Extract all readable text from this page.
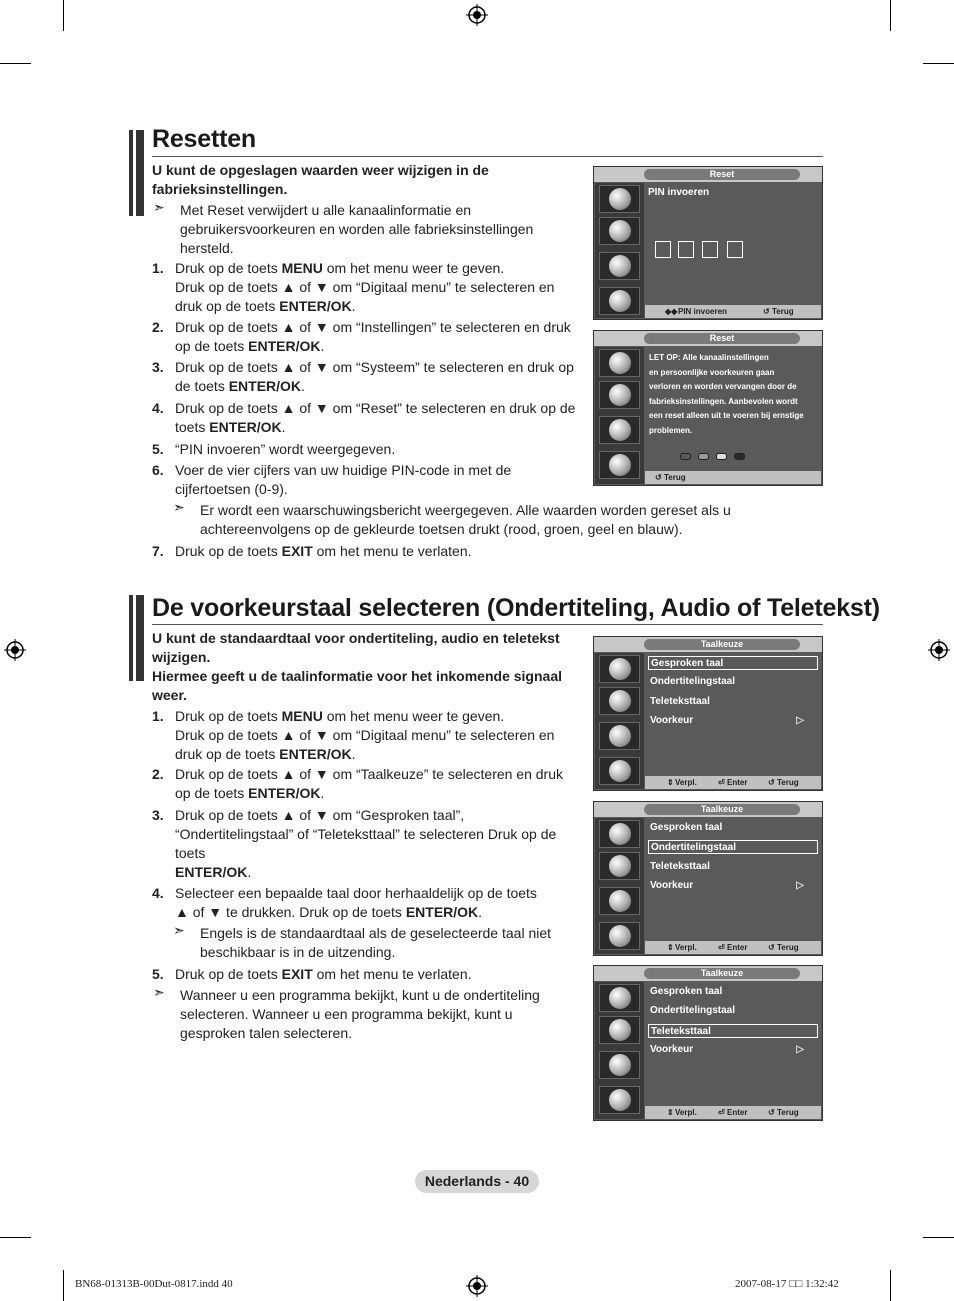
Resetten
U kunt de opgeslagen waarden weer wijzigen in de fabrieksinstellingen.
➣ Met Reset verwijdert u alle kanaalinformatie en gebruikersvoorkeuren en worden alle fabrieksinstellingen hersteld.
1. Druk op de toets MENU om het menu weer te geven.
Druk op de toets ▲ of ▼ om “Digitaal menu” te selecteren en
druk op de toets ENTER/OK.
2. Druk op de toets ▲ of ▼ om “Instellingen” te selecteren en druk
op de toets ENTER/OK.
3. Druk op de toets ▲ of ▼ om “Systeem” te selecteren en druk op
de toets ENTER/OK.
4. Druk op de toets ▲ of ▼ om “Reset” te selecteren en druk op de
toets ENTER/OK.
5. “PIN invoeren” wordt weergegeven.
6. Voer de vier cijfers van uw huidige PIN-code in met de
cijfertoetsen (0-9).
➣ Er wordt een waarschuwingsbericht weergegeven. Alle waarden worden gereset als u achtereenvolgens op de gekleurde toetsen drukt (rood, groen, geel en blauw).
7. Druk op de toets EXIT om het menu te verlaten.
Reset
PIN invoeren
◆◆ PIN invoeren	↺ Terug
Reset
LET OP: Alle kanaalinstellingen
en persoonlijke voorkeuren gaan
verloren en worden vervangen door de
fabrieksinstellingen. Aanbevolen wordt
een reset alleen uit te voeren bij ernstige
problemen.
↺ Terug
De voorkeurstaal selecteren (Ondertiteling, Audio of Teletekst)
U kunt de standaardtaal voor ondertiteling, audio en teletekst wijzigen.
Hiermee geeft u de taalinformatie voor het inkomende signaal weer.
1. Druk op de toets MENU om het menu weer te geven.
Druk op de toets ▲ of ▼ om “Digitaal menu” te selecteren en
druk op de toets ENTER/OK.
2. Druk op de toets ▲ of ▼ om “Taalkeuze” te selecteren en druk
op de toets ENTER/OK.
3. Druk op de toets ▲ of ▼ om “Gesproken taal”,
“Ondertitelingstaal” of “Teleteksttaal” te selecteren Druk op de
toets
ENTER/OK.
4. Selecteer een bepaalde taal door herhaaldelijk op de toets
▲ of ▼ te drukken. Druk op de toets ENTER/OK.
➣ Engels is de standaardtaal als de geselecteerde taal niet beschikbaar is in de uitzending.
5. Druk op de toets EXIT om het menu te verlaten.
➣ Wanneer u een programma bekijkt, kunt u de ondertiteling selecteren. Wanneer u een programma bekijkt, kunt u gesproken talen selecteren.
Taalkeuze
Gesproken taal
Ondertitelingstaal
Teleteksttaal
Voorkeur	▷
⇕ Verpl.	⏎ Enter	↺ Terug
Taalkeuze
Gesproken taal
Ondertitelingstaal
Teleteksttaal
Voorkeur	▷
⇕ Verpl.	⏎ Enter	↺ Terug
Taalkeuze
Gesproken taal
Ondertitelingstaal
Teleteksttaal
Voorkeur	▷
⇕ Verpl.	⏎ Enter	↺ Terug
Nederlands - 40
BN68-01313B-00Dut-0817.indd 40	2007-08-17 □□ 1:32:42
